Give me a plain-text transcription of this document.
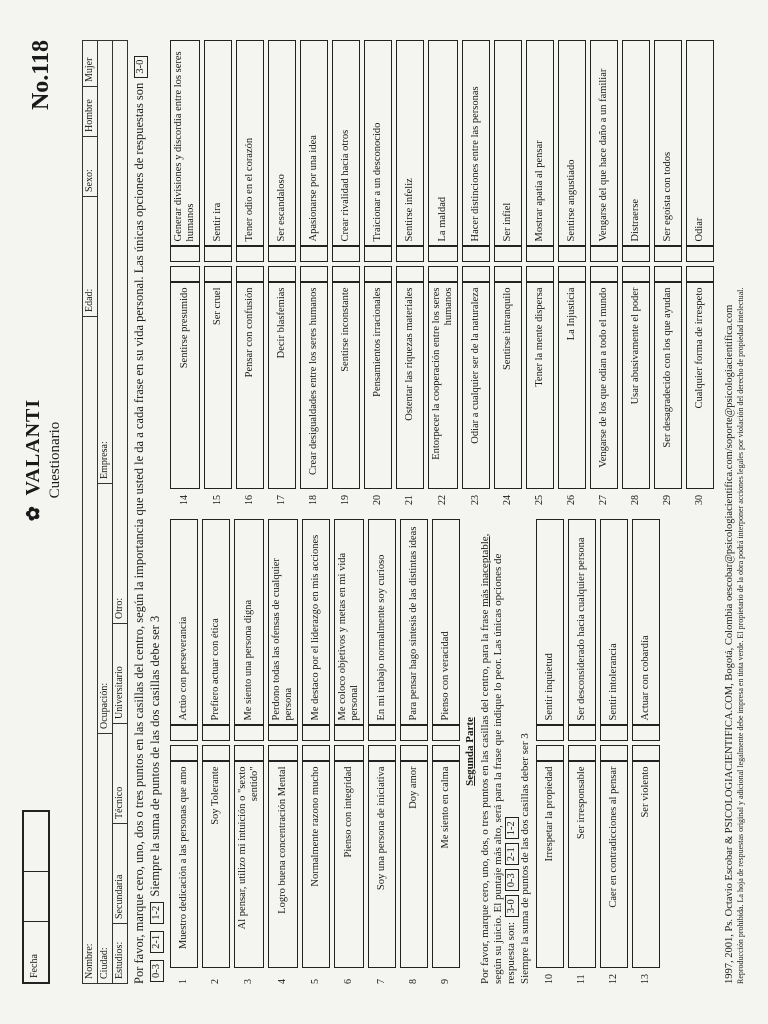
Fecha
✿ VALANTI Cuestionario
No.118
Nombre:
Edad:
Sexo:
Hombre
Mujer
Ciudad:
Ocupación:
Empresa:
Estudios:
Secundaria
Técnico
Universitario
Otro: Por favor, marque cero, uno, dos o tres puntos en las casillas del centro, según la importancia que usted le da a cada frase en su vida personal. Las únicas opciones de respuestas son 3-0 0-3 2-1 1-2 Siempre la suma de puntos de las dos casillas debe ser 3
1
Muestro dedicación a las personas que amo
Actúo con perseverancia
2
Soy Tolerante
Prefiero actuar con ética
3
Al pensar, utilizo mi intuición o "sexto sentido"
Me siento una persona digna
4
Logro buena concentración Mental
Perdono todas las ofensas de cualquier persona
5
Normalmente razono mucho
Me destaco por el liderazgo en mis acciones
6
Pienso con integridad
Me coloco objetivos y metas en mi vida personal
7
Soy una persona de iniciativa
En mi trabajo normalmente soy curioso
8
Doy amor
Para pensar hago síntesis de las distintas ideas
9
Me siento en calma
Pienso con veracidad
Segunda Parte Por favor, marque cero, uno, dos, o tres puntos en las casillas del centro, para la frase más inaceptable, según su juicio. El puntaje más alto, será para la frase que indique lo peor. Las únicas opciones de respuesta son: 3-00-32-11-2 Siempre la suma de puntos de las dos casillas deber ser 3	10
Irrespetar la propiedad
Sentir inquietud
11
Ser irresponsable
Ser desconsiderado hacia cualquier persona
12
Caer en contradicciones al pensar
Sentir intolerancia
13
Ser violento
Actuar con cobardía
14
Sentirse presumido
Generar divisiones y discordia entre los seres humanos
15
Ser cruel
Sentir ira
16
Pensar con confusión
Tener odio en el corazón
17
Decir blasfemias
Ser escandaloso
18
Crear desigualdades entre los seres humanos
Apasionarse por una idea
19
Sentirse inconstante
Crear rivalidad hacia otros
20
Pensamientos irracionales
Traicionar a un desconocido
21
Ostentar las riquezas materiales
Sentirse infeliz
22
Entorpecer la cooperación entre los seres humanos
La maldad
23
Odiar a cualquier ser de la naturaleza
Hacer distinciones entre las personas
24
Sentirse intranquilo
Ser infiel
25
Tener la mente dispersa
Mostrar apatía al pensar
26
La Injusticia
Sentirse angustiado
27
Vengarse de los que odian a todo el mundo
Vengarse del que hace daño a un familiar
28
Usar abusivamente el poder
Distraerse
29
Ser desagradecido con los que ayudan
Ser egoísta con todos
30
Cualquier forma de irrespeto
Odiar
1997, 2001, Ps. Octavio Escobar & PSICOLOGIACIENTIFICA.COM, Bogotá, Colombia oescobar@psicologiacientifica.com/soporte@psicologiacientifica.com Reproducción prohibida. La hoja de respuestas original y adicional legalmente debe impresa en tinta verde. El propietario de la obra podrá interponer acciones legales por violación del derecho de propiedad intelectual.
